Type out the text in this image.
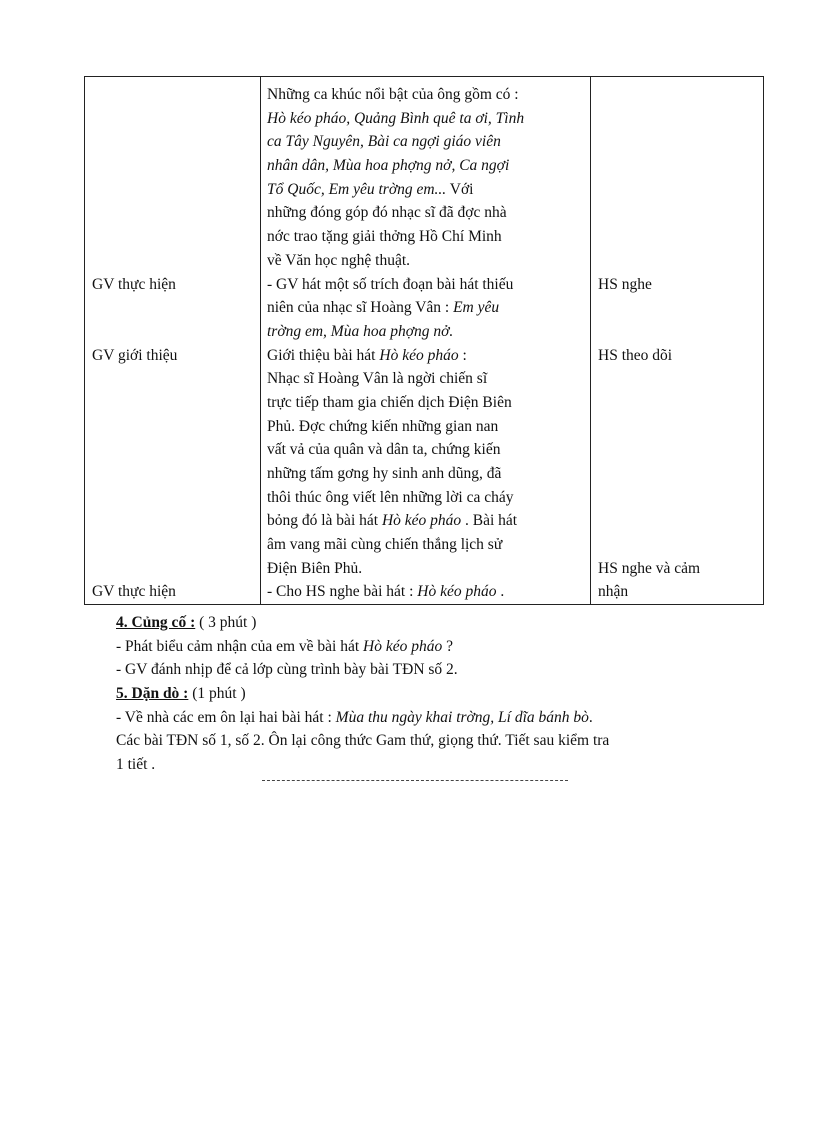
GV thực hiện
GV giới thiệu
GV thực hiện
Những ca khúc nổi bật của ông gồm có :
Hò kéo pháo, Quảng Bình quê ta ơi, Tình
ca Tây Nguyên, Bài ca ngợi giáo viên
nhân dân, Mùa hoa phợng nở, Ca ngợi
Tổ Quốc, Em yêu trờng em... Với
những đóng góp đó nhạc sĩ đã đợc nhà
nớc trao tặng giải thởng Hồ Chí Minh
về Văn học nghệ thuật.
- GV hát một số trích đoạn bài hát thiếu
niên của nhạc sĩ Hoàng Vân : Em yêu
trờng em, Mùa hoa phợng nở.
Giới thiệu bài hát Hò kéo pháo :
Nhạc sĩ Hoàng Vân là ngời chiến sĩ
trực tiếp tham gia chiến dịch Điện Biên
Phủ. Đợc chứng kiến những gian nan
vất vả của quân và dân ta, chứng kiến
những tấm gơng hy sinh anh dũng, đã
thôi thúc ông viết lên những lời ca cháy
bỏng đó là bài hát Hò kéo pháo . Bài hát
âm vang mãi cùng chiến thắng lịch sử
Điện Biên Phủ.
- Cho HS nghe bài hát : Hò kéo pháo .
HS nghe
HS theo dõi
HS nghe và cảm
nhận
4. Củng cố : ( 3 phút )
- Phát biểu cảm nhận của em về bài hát Hò kéo pháo ?
- GV đánh nhịp để cả lớp cùng trình bày bài TĐN số 2.
5. Dặn dò : (1 phút )
- Về nhà các em ôn lại hai bài hát : Mùa thu ngày khai trờng, Lí dĩa bánh bò.
Các bài TĐN số 1, số 2. Ôn lại công thức Gam thứ, giọng thứ. Tiết sau kiểm tra
1 tiết .
